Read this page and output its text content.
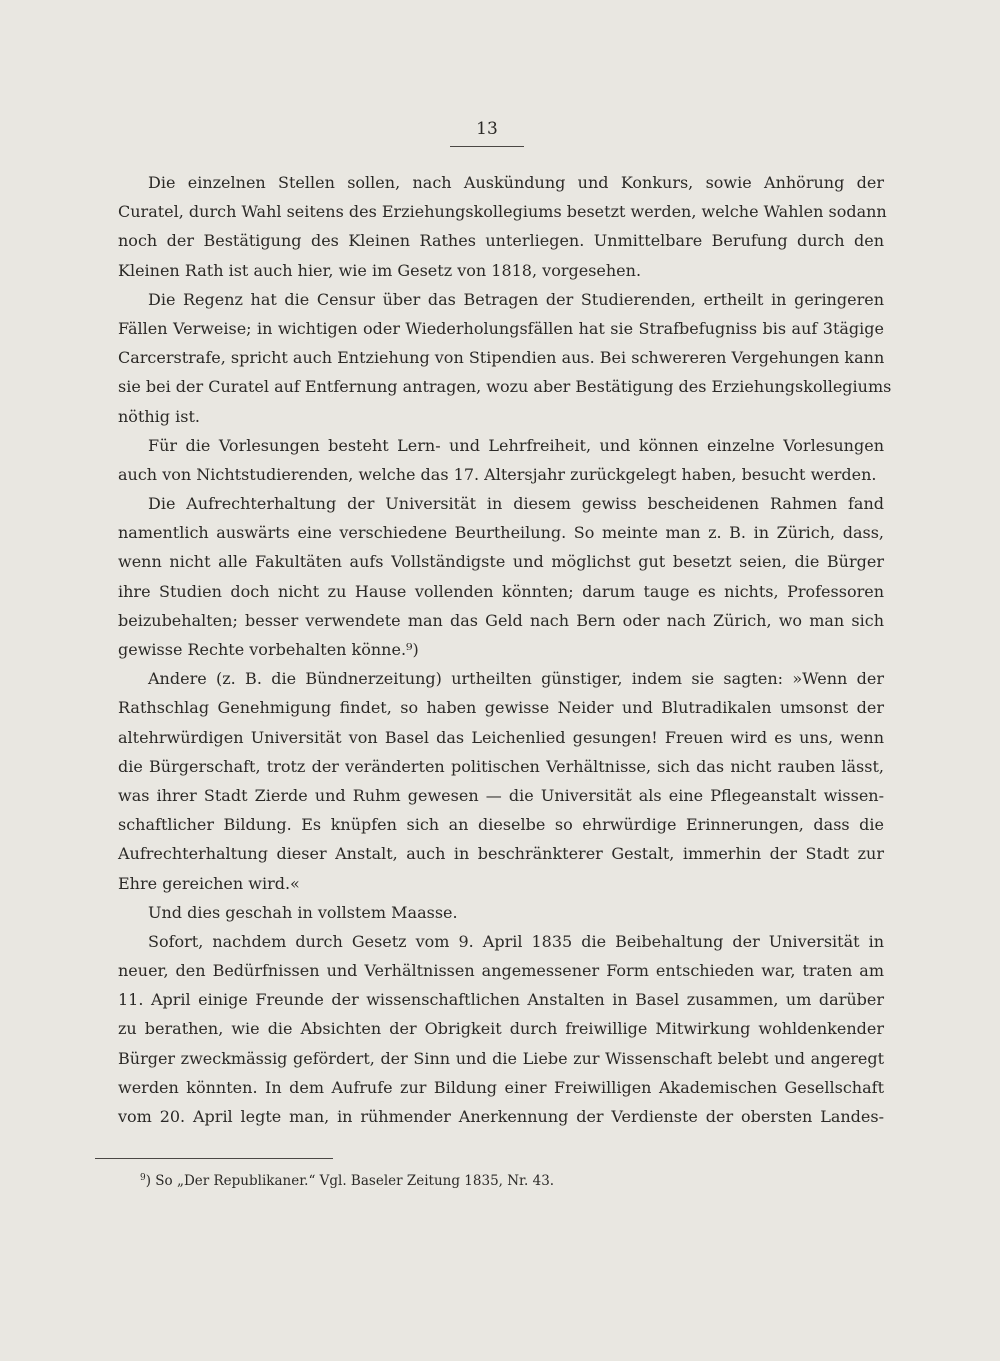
13
Die einzelnen Stellen sollen, nach Auskündung und Konkurs, sowie Anhörung der
Curatel, durch Wahl seitens des Erziehungskollegiums besetzt werden, welche Wahlen sodann
noch der Bestätigung des Kleinen Rathes unterliegen. Unmittelbare Berufung durch den
Kleinen Rath ist auch hier, wie im Gesetz von 1818, vorgesehen.
Die Regenz hat die Censur über das Betragen der Studierenden, ertheilt in geringeren
Fällen Verweise; in wichtigen oder Wiederholungsfällen hat sie Strafbefugniss bis auf 3tägige
Carcerstrafe, spricht auch Entziehung von Stipendien aus. Bei schwereren Vergehungen kann
sie bei der Curatel auf Entfernung antragen, wozu aber Bestätigung des Erziehungskollegiums
nöthig ist.
Für die Vorlesungen besteht Lern- und Lehrfreiheit, und können einzelne Vorlesungen
auch von Nichtstudierenden, welche das 17. Altersjahr zurückgelegt haben, besucht werden.
Die Aufrechterhaltung der Universität in diesem gewiss bescheidenen Rahmen fand
namentlich auswärts eine verschiedene Beurtheilung. So meinte man z. B. in Zürich, dass,
wenn nicht alle Fakultäten aufs Vollständigste und möglichst gut besetzt seien, die Bürger
ihre Studien doch nicht zu Hause vollenden könnten; darum tauge es nichts, Professoren
beizubehalten; besser verwendete man das Geld nach Bern oder nach Zürich, wo man sich
gewisse Rechte vorbehalten könne.⁹)
Andere (z. B. die Bündnerzeitung) urtheilten günstiger, indem sie sagten: »Wenn der
Rathschlag Genehmigung findet, so haben gewisse Neider und Blutradikalen umsonst der
altehrwürdigen Universität von Basel das Leichenlied gesungen! Freuen wird es uns, wenn
die Bürgerschaft, trotz der veränderten politischen Verhältnisse, sich das nicht rauben lässt,
was ihrer Stadt Zierde und Ruhm gewesen — die Universität als eine Pflegeanstalt wissen-
schaftlicher Bildung. Es knüpfen sich an dieselbe so ehrwürdige Erinnerungen, dass die
Aufrechterhaltung dieser Anstalt, auch in beschränkterer Gestalt, immerhin der Stadt zur
Ehre gereichen wird.«
Und dies geschah in vollstem Maasse.
Sofort, nachdem durch Gesetz vom 9. April 1835 die Beibehaltung der Universität in
neuer, den Bedürfnissen und Verhältnissen angemessener Form entschieden war, traten am
11. April einige Freunde der wissenschaftlichen Anstalten in Basel zusammen, um darüber
zu berathen, wie die Absichten der Obrigkeit durch freiwillige Mitwirkung wohldenkender
Bürger zweckmässig gefördert, der Sinn und die Liebe zur Wissenschaft belebt und angeregt
werden könnten. In dem Aufrufe zur Bildung einer Freiwilligen Akademischen Gesellschaft
vom 20. April legte man, in rühmender Anerkennung der Verdienste der obersten Landes-
$^9$) So „Der Republikaner.“ Vgl. Baseler Zeitung 1835, Nr. 43.
